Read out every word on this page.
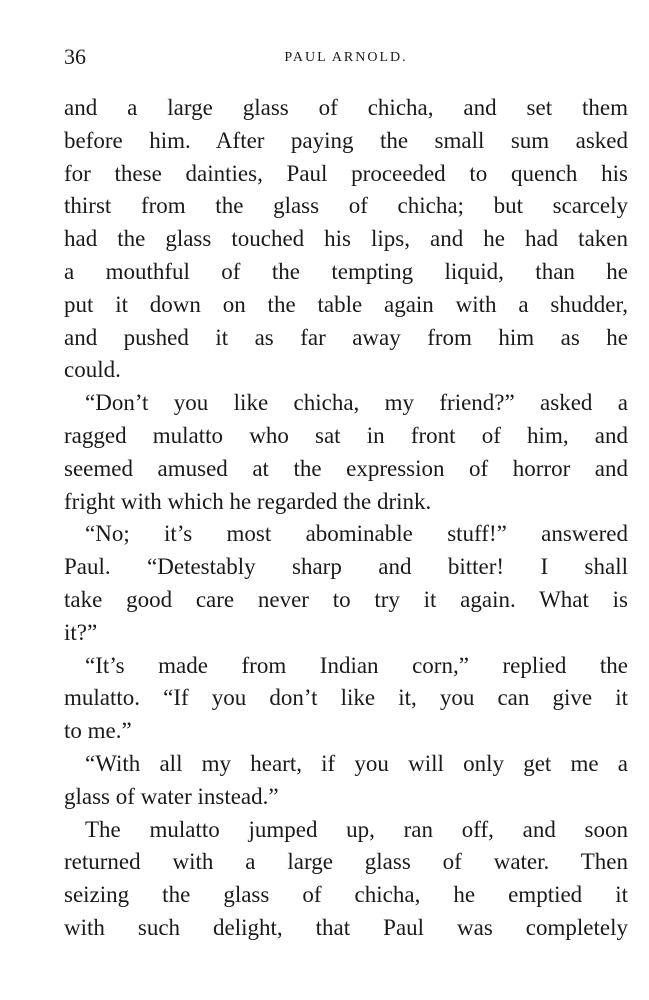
36	PAUL ARNOLD.
and a large glass of chicha, and set them
before him. After paying the small sum asked
for these dainties, Paul proceeded to quench his
thirst from the glass of chicha; but scarcely
had the glass touched his lips, and he had taken
a mouthful of the tempting liquid, than he
put it down on the table again with a shudder,
and pushed it as far away from him as he
could.
“Don’t you like chicha, my friend?” asked a
ragged mulatto who sat in front of him, and
seemed amused at the expression of horror and
fright with which he regarded the drink.
“No; it’s most abominable stuff!” answered
Paul. “Detestably sharp and bitter! I shall
take good care never to try it again. What is
it?”
“It’s made from Indian corn,” replied the
mulatto. “If you don’t like it, you can give it
to me.”
“With all my heart, if you will only get me a
glass of water instead.”
The mulatto jumped up, ran off, and soon
returned with a large glass of water. Then
seizing the glass of chicha, he emptied it
with such delight, that Paul was completely
